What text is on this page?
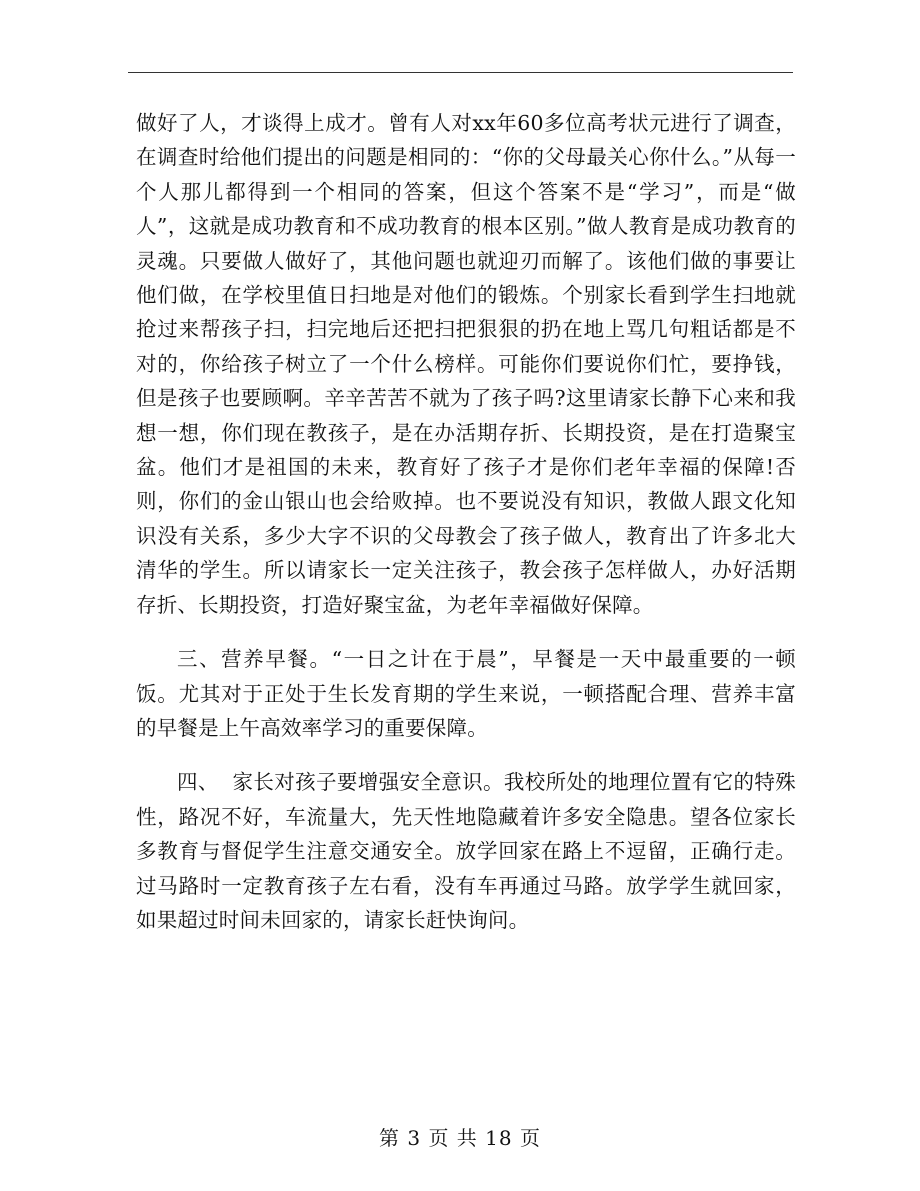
做好了人，才谈得上成才。曾有人对xx年60多位高考状元进行了调查，在调查时给他们提出的问题是相同的：“你的父母最关心你什么。”从每一个人那儿都得到一个相同的答案，但这个答案不是“学习”，而是“做人”，这就是成功教育和不成功教育的根本区别。”做人教育是成功教育的灵魂。只要做人做好了，其他问题也就迎刃而解了。该他们做的事要让他们做，在学校里值日扫地是对他们的锻炼。个别家长看到学生扫地就抢过来帮孩子扫，扫完地后还把扫把狠狠的扔在地上骂几句粗话都是不对的，你给孩子树立了一个什么榜样。可能你们要说你们忙，要挣钱，但是孩子也要顾啊。辛辛苦苦不就为了孩子吗?这里请家长静下心来和我想一想，你们现在教孩子，是在办活期存折、长期投资，是在打造聚宝盆。他们才是祖国的未来，教育好了孩子才是你们老年幸福的保障!否则，你们的金山银山也会给败掉。也不要说没有知识，教做人跟文化知识没有关系，多少大字不识的父母教会了孩子做人，教育出了许多北大清华的学生。所以请家长一定关注孩子，教会孩子怎样做人，办好活期存折、长期投资，打造好聚宝盆，为老年幸福做好保障。

三、营养早餐。“一日之计在于晨”，早餐是一天中最重要的一顿饭。尤其对于正处于生长发育期的学生来说，一顿搭配合理、营养丰富的早餐是上午高效率学习的重要保障。

四、  家长对孩子要增强安全意识。我校所处的地理位置有它的特殊性，路况不好，车流量大，先天性地隐藏着许多安全隐患。望各位家长多教育与督促学生注意交通安全。放学回家在路上不逗留，正确行走。过马路时一定教育孩子左右看，没有车再通过马路。放学学生就回家，如果超过时间未回家的，请家长赶快询问。

第 3 页 共 18 页
